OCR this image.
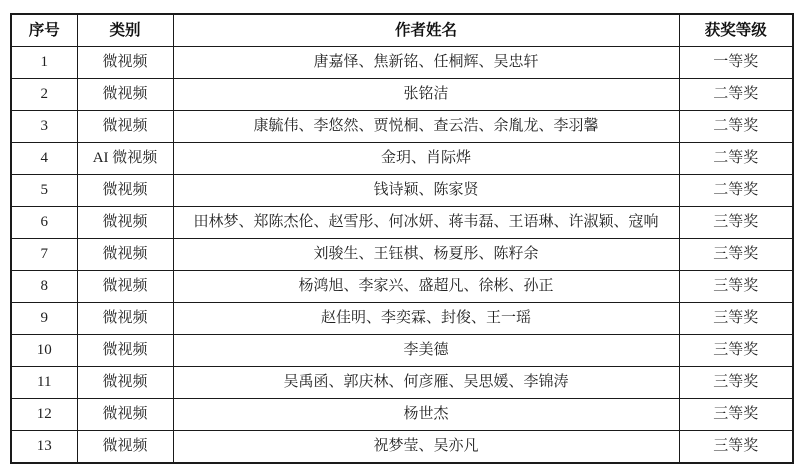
序号	类别	作者姓名	获奖等级
1	微视频	唐嘉怿、焦新铭、任桐辉、吴忠轩	一等奖
2	微视频	张铭洁	二等奖
3	微视频	康毓伟、李悠然、贾悦桐、查云浩、余胤龙、李羽馨	二等奖
4	AI 微视频	金玥、肖际烨	二等奖
5	微视频	钱诗颖、陈家贤	二等奖
6	微视频	田林梦、郑陈杰伦、赵雪彤、何冰妍、蒋韦磊、王语琳、许淑颖、寇响	三等奖
7	微视频	刘骏生、王钰棋、杨夏彤、陈籽余	三等奖
8	微视频	杨鸿旭、李家兴、盛超凡、徐彬、孙正	三等奖
9	微视频	赵佳明、李奕霖、封俊、王一瑶	三等奖
10	微视频	李美德	三等奖
11	微视频	吴禹函、郭庆林、何彦雁、吴思媛、李锦涛	三等奖
12	微视频	杨世杰	三等奖
13	微视频	祝梦莹、吴亦凡	三等奖
